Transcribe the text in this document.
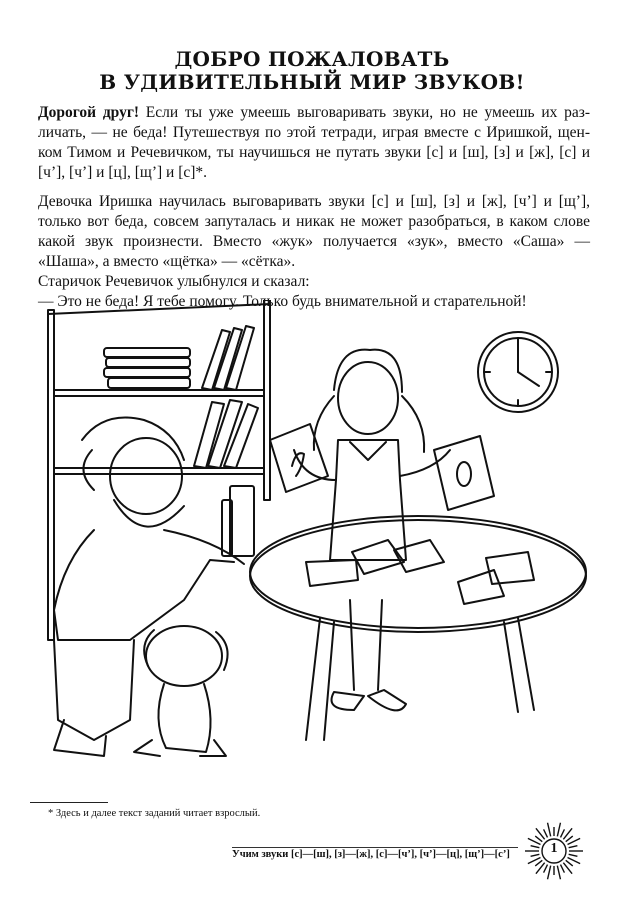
ДОБРО ПОЖАЛОВАТЬ
В УДИВИТЕЛЬНЫЙ МИР ЗВУКОВ!
Дорогой друг! Если ты уже умеешь выговаривать звуки, но не умеешь их раз-
личать, — не беда! Путешествуя по этой тетради, играя вместе с Иришкой, щен-
ком Тимом и Речевичком, ты научишься не путать звуки [с] и [ш], [з] и [ж], [с] и
[ч’], [ч’] и [ц], [щ’] и [с]*.
Девочка Иришка научилась выговаривать звуки [с] и [ш], [з] и [ж], [ч’] и [щ’],
только вот беда, совсем запуталась и никак не может разобраться, в каком слове
какой звук произнести. Вместо «жук» получается «зук», вместо «Саша» —
«Шаша», а вместо «щётка» — «сётка».
Старичок Речевичок улыбнулся и сказал:
— Это не беда! Я тебе помогу. Только будь внимательной и старательной!
* Здесь и далее текст заданий читает взрослый.
Учим звуки [с]—[ш], [з]—[ж], [с]—[ч’], [ч’]—[ц], [щ’]—[с’]	1
